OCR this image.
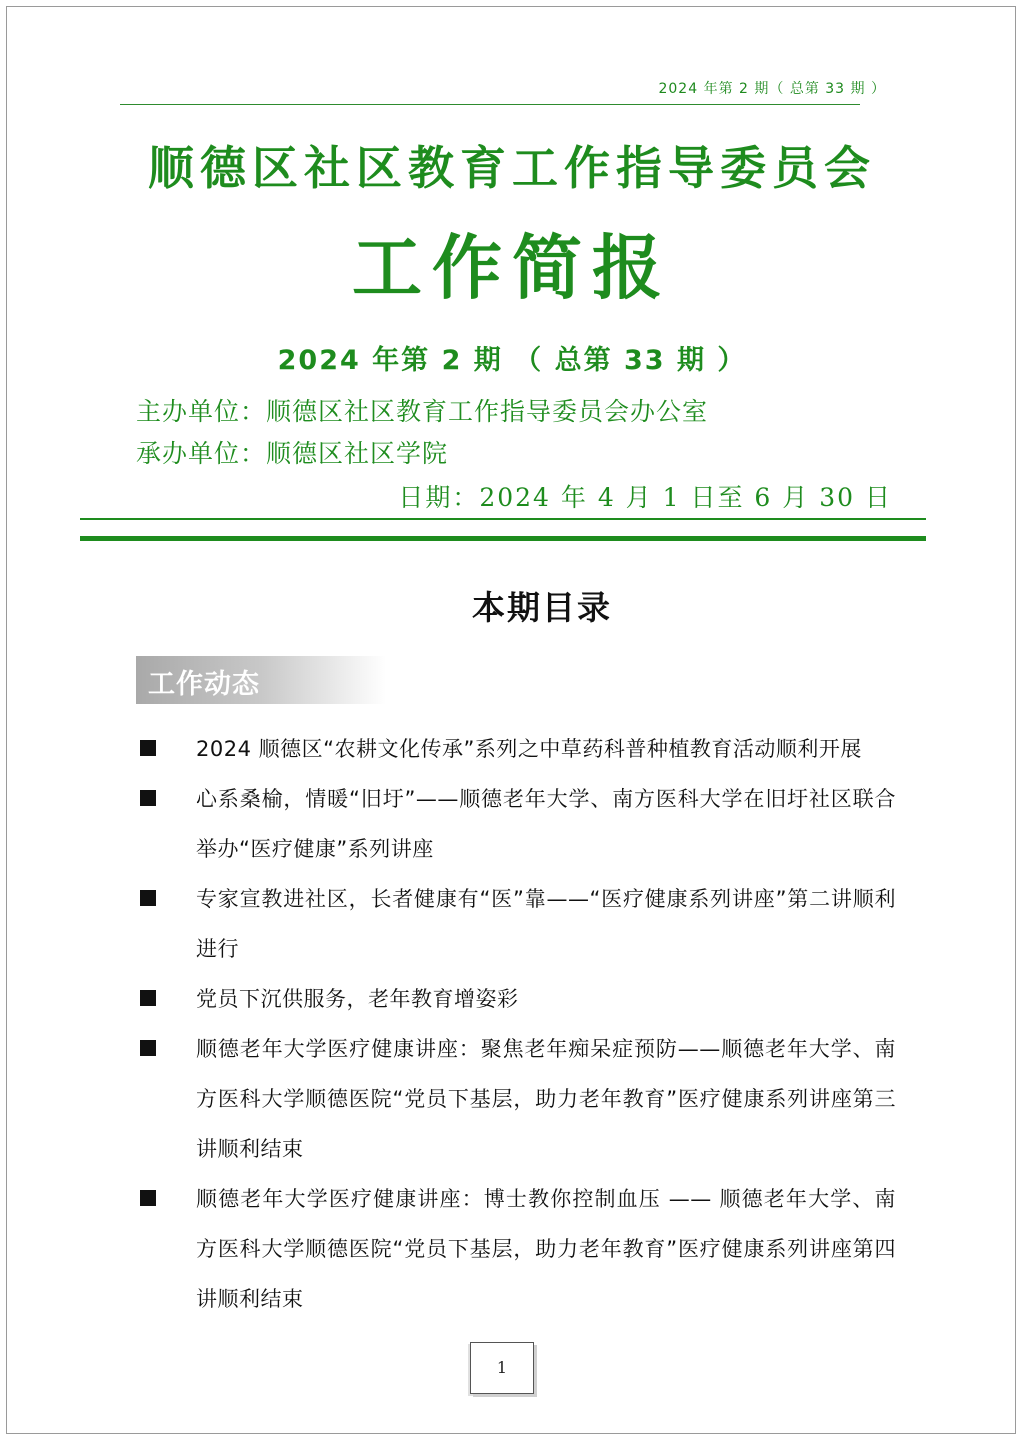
2024 年第 2 期（ 总第 33 期 ）
顺德区社区教育工作指导委员会
工作简报
2024 年第 2 期 （ 总第 33 期 ）
主办单位：顺德区社区教育工作指导委员会办公室
承办单位：顺德区社区学院
日期：2024 年 4 月 1 日至 6 月 30 日
本期目录
工作动态
2024 顺德区“农耕文化传承”系列之中草药科普种植教育活动顺利开展
心系桑榆，情暖“旧圩”——顺德老年大学、南方医科大学在旧圩社区联合举办“医疗健康”系列讲座
专家宣教进社区，长者健康有“医”靠——“医疗健康系列讲座”第二讲顺利进行
党员下沉供服务，老年教育增姿彩
顺德老年大学医疗健康讲座：聚焦老年痴呆症预防——顺德老年大学、南方医科大学顺德医院“党员下基层，助力老年教育”医疗健康系列讲座第三讲顺利结束
顺德老年大学医疗健康讲座：博士教你控制血压 —— 顺德老年大学、南方医科大学顺德医院“党员下基层，助力老年教育”医疗健康系列讲座第四讲顺利结束
1
